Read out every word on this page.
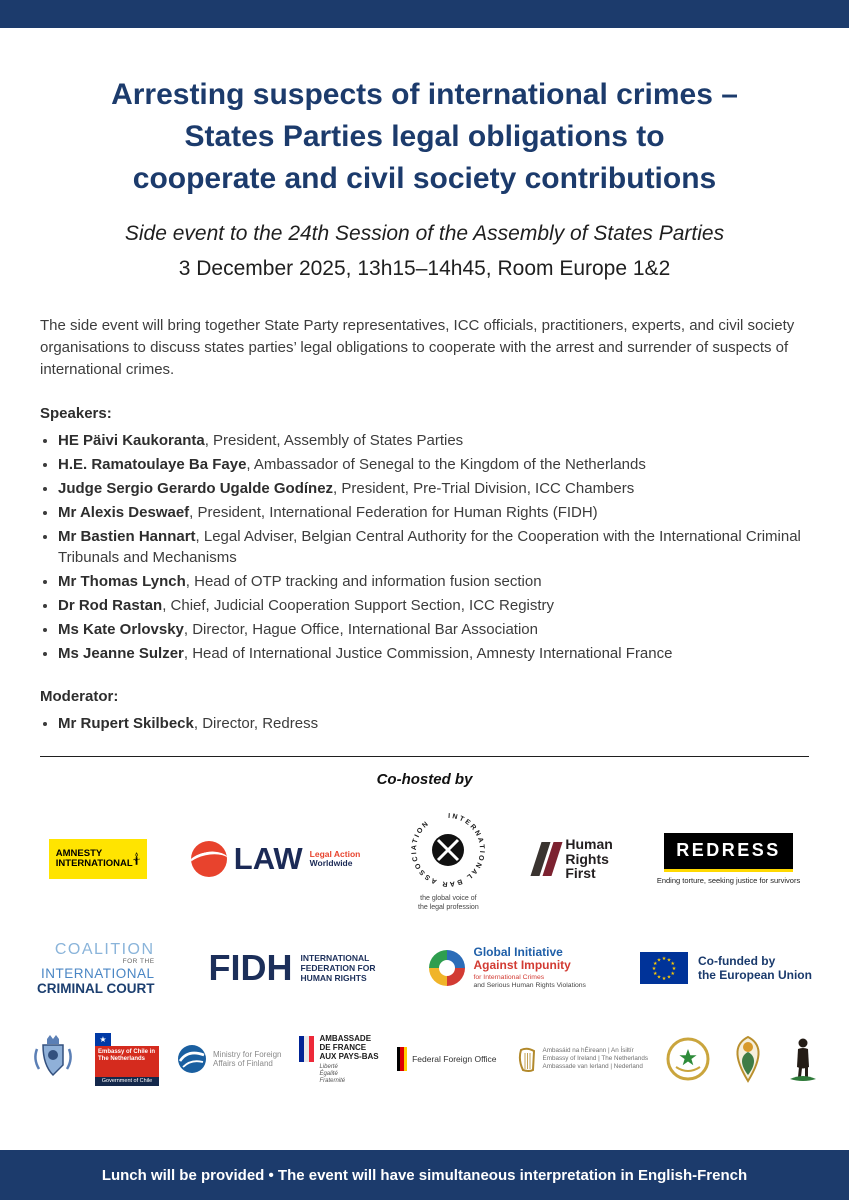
Arresting suspects of international crimes –
States Parties legal obligations to
cooperate and civil society contributions
Side event to the 24th Session of the Assembly of States Parties
3 December 2025, 13h15–14h45, Room Europe 1&2

The side event will bring together State Party representatives, ICC officials, practitioners, experts, and civil society organisations to discuss states parties’ legal obligations to cooperate with the arrest and surrender of suspects of international crimes.

Speakers:
• HE Päivi Kaukoranta, President, Assembly of States Parties
• H.E. Ramatoulaye Ba Faye, Ambassador of Senegal to the Kingdom of the Netherlands
• Judge Sergio Gerardo Ugalde Godínez, President, Pre-Trial Division, ICC Chambers
• Mr Alexis Deswaef, President, International Federation for Human Rights (FIDH)
• Mr Bastien Hannart, Legal Adviser, Belgian Central Authority for the Cooperation with the International Criminal Tribunals and Mechanisms
• Mr Thomas Lynch, Head of OTP tracking and information fusion section
• Dr Rod Rastan, Chief, Judicial Cooperation Support Section, ICC Registry
• Ms Kate Orlovsky, Director, Hague Office, International Bar Association
• Ms Jeanne Sulzer, Head of International Justice Commission, Amnesty International France
Moderator:
• Mr Rupert Skilbeck, Director, Redress
Co-hosted by
AMNESTY
INTERNATIONAL	LAW Legal Action
Worldwide
INTERNATIONAL BAR ASSOCIATION
the global voice of
the legal profession
Human
Rights
First
REDRESS
Ending torture, seeking justice for survivors
COALITION
FOR THE
INTERNATIONAL
CRIMINAL COURT FIDH INTERNATIONAL
FEDERATION FOR
HUMAN RIGHTS
Global Initiative
Against Impunity
for International Crimes
and Serious Human Rights Violations
★ ★
★
★
★
★
★
★
★
★
★
★	Co-funded by
the European Union
★
Embassy of Chile in The Netherlands
Government of Chile
Ministry for Foreign
Affairs of Finland
AMBASSADE
DE FRANCE
AUX PAYS-BAS
Liberté
Égalité
Fraternité
Federal Foreign Office
Ambasáid na hÉireann | An Ísiltír
Embassy of Ireland | The Netherlands
Ambassade van Ierland | Nederland
Lunch will be provided • The event will have simultaneous interpretation in English-French
